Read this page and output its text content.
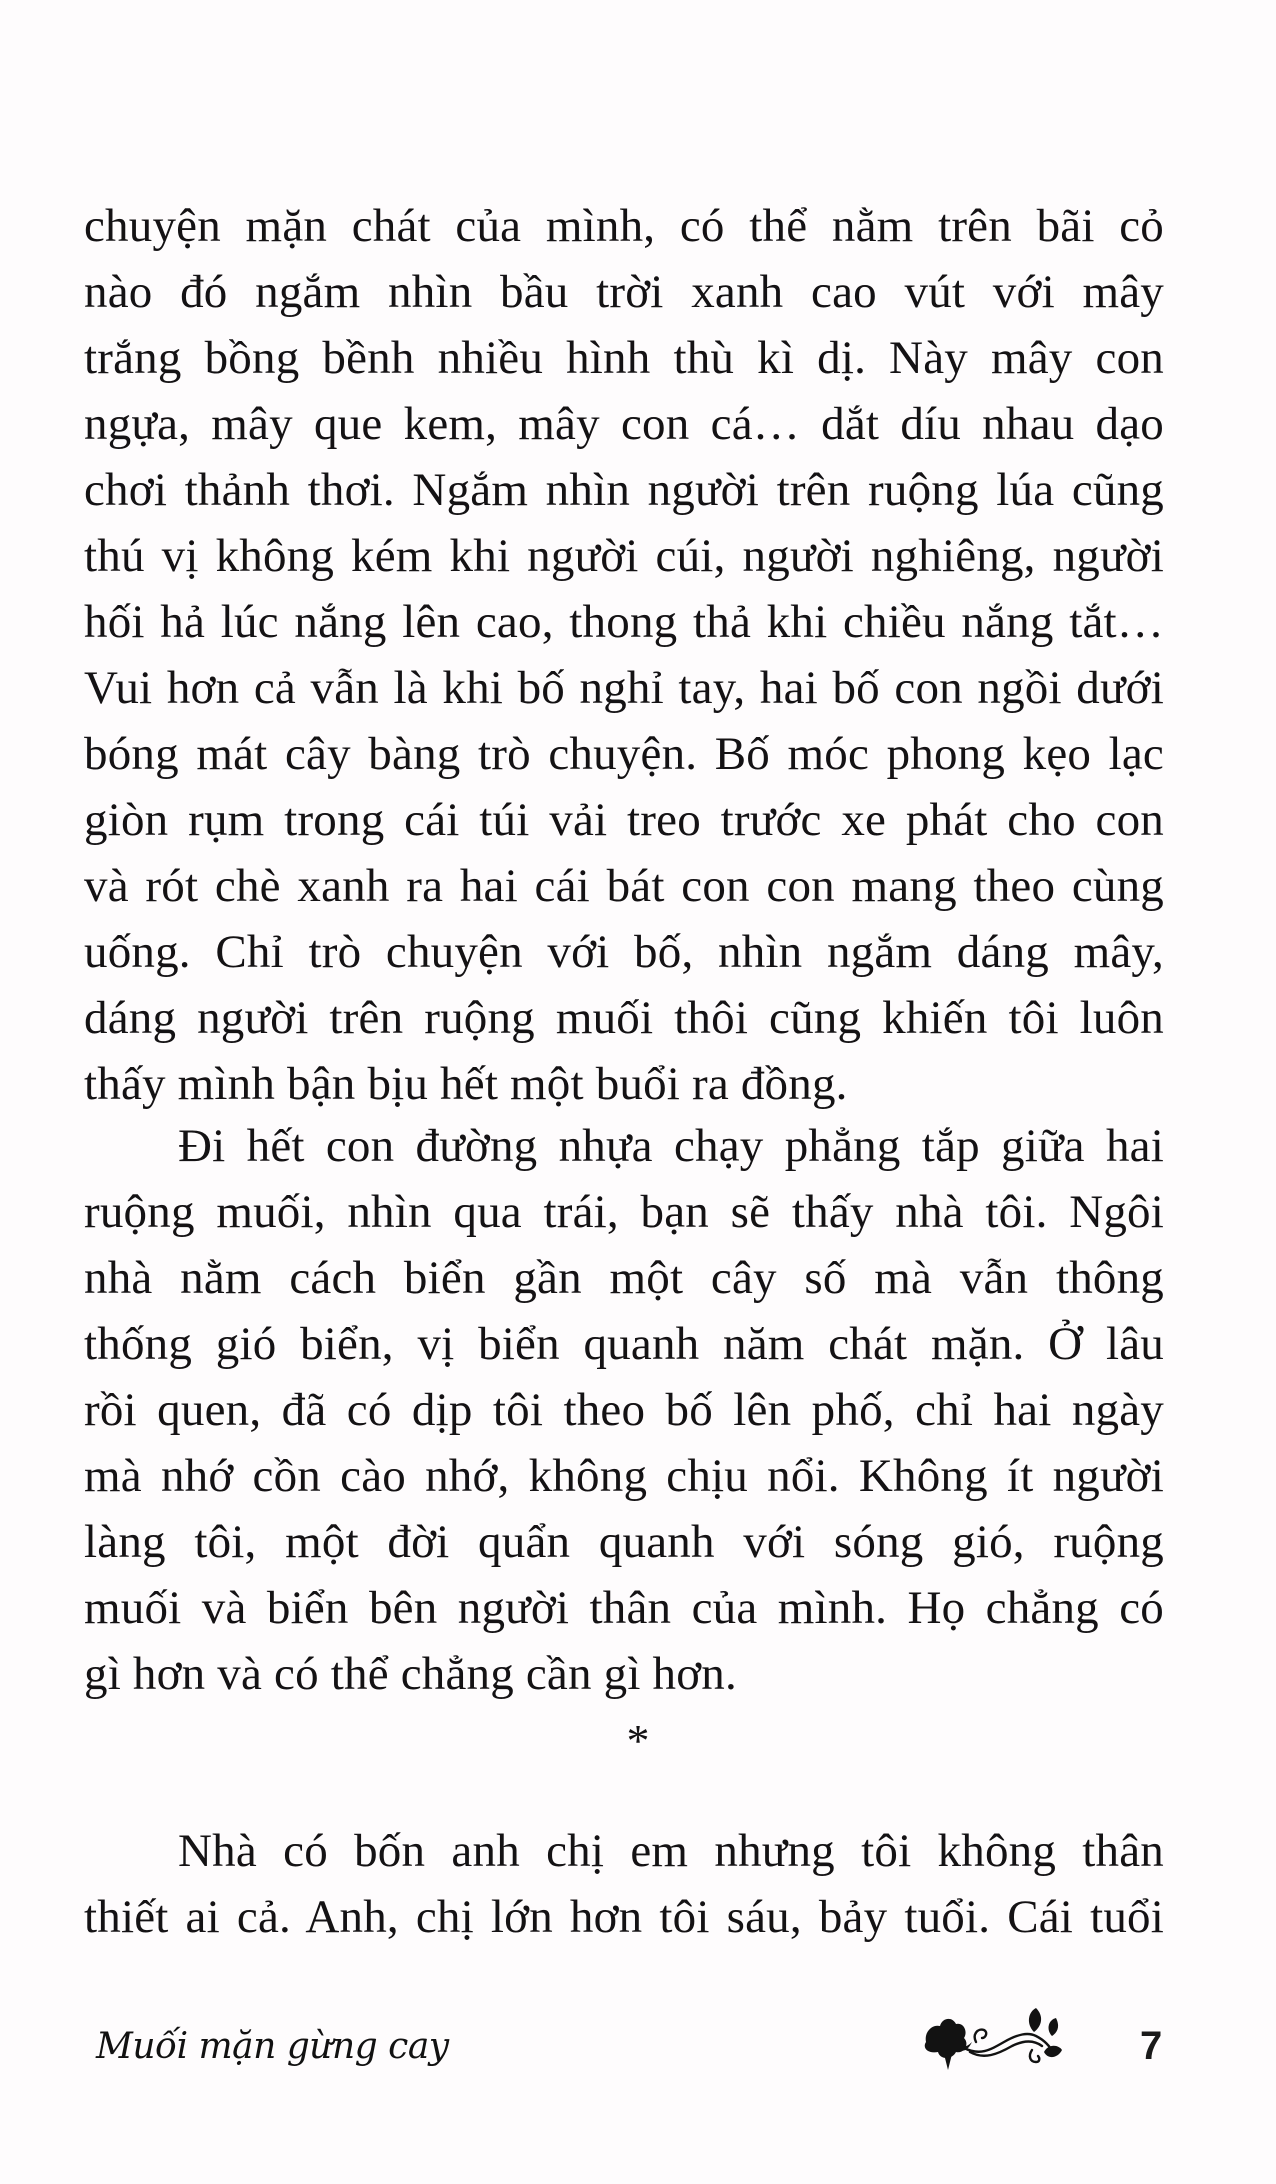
chuyện mặn chát của mình, có thể nằm trên bãi cỏ
nào đó ngắm nhìn bầu trời xanh cao vút với mây
trắng bồng bềnh nhiều hình thù kì dị. Này mây con
ngựa, mây que kem, mây con cá… dắt díu nhau dạo
chơi thảnh thơi. Ngắm nhìn người trên ruộng lúa cũng
thú vị không kém khi người cúi, người nghiêng, người
hối hả lúc nắng lên cao, thong thả khi chiều nắng tắt…
Vui hơn cả vẫn là khi bố nghỉ tay, hai bố con ngồi dưới
bóng mát cây bàng trò chuyện. Bố móc phong kẹo lạc
giòn rụm trong cái túi vải treo trước xe phát cho con
và rót chè xanh ra hai cái bát con con mang theo cùng
uống. Chỉ trò chuyện với bố, nhìn ngắm dáng mây,
dáng người trên ruộng muối thôi cũng khiến tôi luôn
thấy mình bận bịu hết một buổi ra đồng.
Đi hết con đường nhựa chạy phẳng tắp giữa hai
ruộng muối, nhìn qua trái, bạn sẽ thấy nhà tôi. Ngôi
nhà nằm cách biển gần một cây số mà vẫn thông
thống gió biển, vị biển quanh năm chát mặn. Ở lâu
rồi quen, đã có dịp tôi theo bố lên phố, chỉ hai ngày
mà nhớ cồn cào nhớ, không chịu nổi. Không ít người
làng tôi, một đời quẩn quanh với sóng gió, ruộng
muối và biển bên người thân của mình. Họ chẳng có
gì hơn và có thể chẳng cần gì hơn.
*
Nhà có bốn anh chị em nhưng tôi không thân
thiết ai cả. Anh, chị lớn hơn tôi sáu, bảy tuổi. Cái tuổi
Muối mặn gừng cay	7
